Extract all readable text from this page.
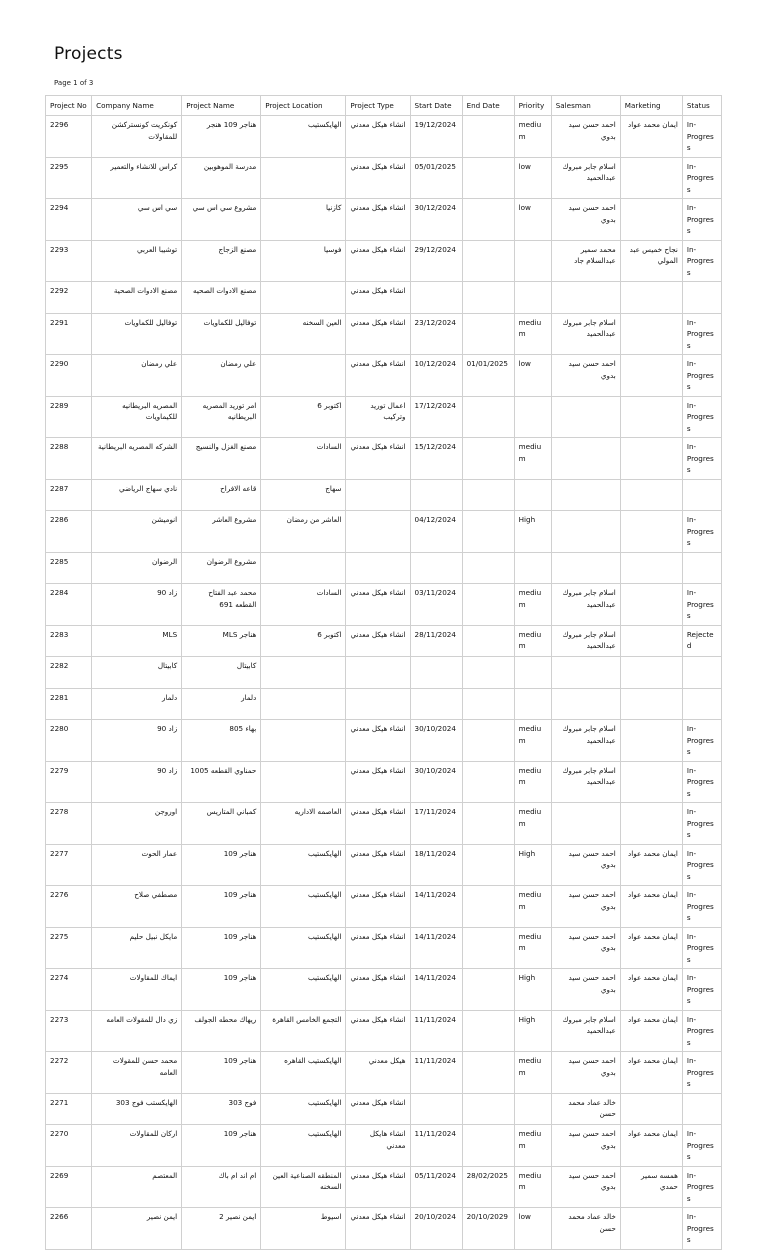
Projects
Page 1 of 3
Project No	Company Name	Project Name	Project Location	Project Type	Start Date	End Date	Priority	Salesman	Marketing	Status
2296	كونكريت كونستركشن للمقاولات	هناجر 109 هنجر	الهايكستيب	انشاء هيكل معدني	19/12/2024		medium	احمد حسن سيد بدوي	ايمان محمد عواد	In-Progress
2295	كراس للانشاء والتعمير	مدرسة الموهوبين		انشاء هيكل معدني	05/01/2025		low	اسلام جابر مبروك عبدالحميد		In-Progress
2294	سي اس سي	مشروع سي اس سي	كازنيا	انشاء هيكل معدني	30/12/2024		low	احمد حسن سيد بدوي		In-Progress
2293	توشيبا العربي	مصنع الزجاج	فوسيا	انشاء هيكل معدني	29/12/2024			محمد سمير عبدالسلام جاد	نجاح خميس عبد المولي	In-Progress
2292	مصنع الادوات الصحية	مصنع الادوات الصحيه		انشاء هيكل معدني						
2291	توفاليل للكماويات	توفاليل للكماويات	العين السخنه	انشاء هيكل معدني	23/12/2024		medium	اسلام جابر مبروك عبدالحميد		In-Progress
2290	علي رمضان	علي رمضان		انشاء هيكل معدني	10/12/2024	01/01/2025	low	احمد حسن سيد بدوي		In-Progress
2289	المصريه البريطانيه للكيماويات	امر توريد المصريه البريطانيه	اكتوبر 6	اعمال توريد وتركيب	17/12/2024					In-Progress
2288	الشركه المصريه البريطانية	مصنع الغزل والنسيج	السادات	انشاء هيكل معدني	15/12/2024		medium			In-Progress
2287	نادي سهاج الرياضي	قاعه الافراح	سهاج							
2286	انوميشن	مشروع العاشر	العاشر من رمضان		04/12/2024		High			In-Progress
2285	الرضوان	مشروع الرضوان								
2284	زاد 90	محمد عبد الفتاح القطعه 691	السادات	انشاء هيكل معدني	03/11/2024		medium	اسلام جابر مبروك عبدالحميد		In-Progress
2283	MLS	هناجر MLS	اكتوبر 6	انشاء هيكل معدني	28/11/2024		medium	اسلام جابر مبروك عبدالحميد		Rejected
2282	كابيتال	كابيتال								
2281	دلمار	دلمار								
2280	زاد 90	بهاء 805		انشاء هيكل معدني	30/10/2024		medium	اسلام جابر مبروك عبدالحميد		In-Progress
2279	زاد 90	حمناوي القطعه 1005		انشاء هيكل معدني	30/10/2024		medium	اسلام جابر مبروك عبدالحميد		In-Progress
2278	اوروجن	كمباني المتاريس	العاصمه الاداريه	انشاء هيكل معدني	17/11/2024		medium			In-Progress
2277	عمار الحوت	هناجر 109	الهايكستيب	انشاء هيكل معدني	18/11/2024		High	احمد حسن سيد بدوي	ايمان محمد عواد	In-Progress
2276	مصطفي صلاح	هناجر 109	الهايكستيب	انشاء هيكل معدني	14/11/2024		medium	احمد حسن سيد بدوي	ايمان محمد عواد	In-Progress
2275	مايكل نبيل حليم	هناجر 109	الهايكستيب	انشاء هيكل معدني	14/11/2024		medium	احمد حسن سيد بدوي	ايمان محمد عواد	In-Progress
2274	ايماك للمقاولات	هناجر 109	الهايكستيب	انشاء هيكل معدني	14/11/2024		High	احمد حسن سيد بدوي	ايمان محمد عواد	In-Progress
2273	زي دال للمقولات العامه	ريهاك محطه الجولف	التجمع الخامس القاهرة	انشاء هيكل معدني	11/11/2024		High	اسلام جابر مبروك عبدالحميد	ايمان محمد عواد	In-Progress
2272	محمد حسن للمقولات العامه	هناجر 109	الهايكستيب القاهره	هيكل معدني	11/11/2024		medium	احمد حسن سيد بدوي	ايمان محمد عواد	In-Progress
2271	الهايكستب فوج 303	فوج 303	الهايكستيب	انشاء هيكل معدني				خالد عماد محمد حسن		
2270	اركان للمقاولات	هناجر 109	الهايكستيب	انشاء هايكل معدني	11/11/2024		medium	احمد حسن سيد بدوي	ايمان محمد عواد	In-Progress
2269	المعتصم	ام اند ام باك	المنطقه الصناعية العين السخنه	انشاء هيكل معدني	05/11/2024	28/02/2025	medium	احمد حسن سيد بدوي	همسه سمير حمدي	In-Progress
2266	ايمن نصير	ايمن نصير 2	اسيوط	انشاء هيكل معدني	20/10/2024	20/10/2029	low	خالد عماد محمد حسن		In-Progress
